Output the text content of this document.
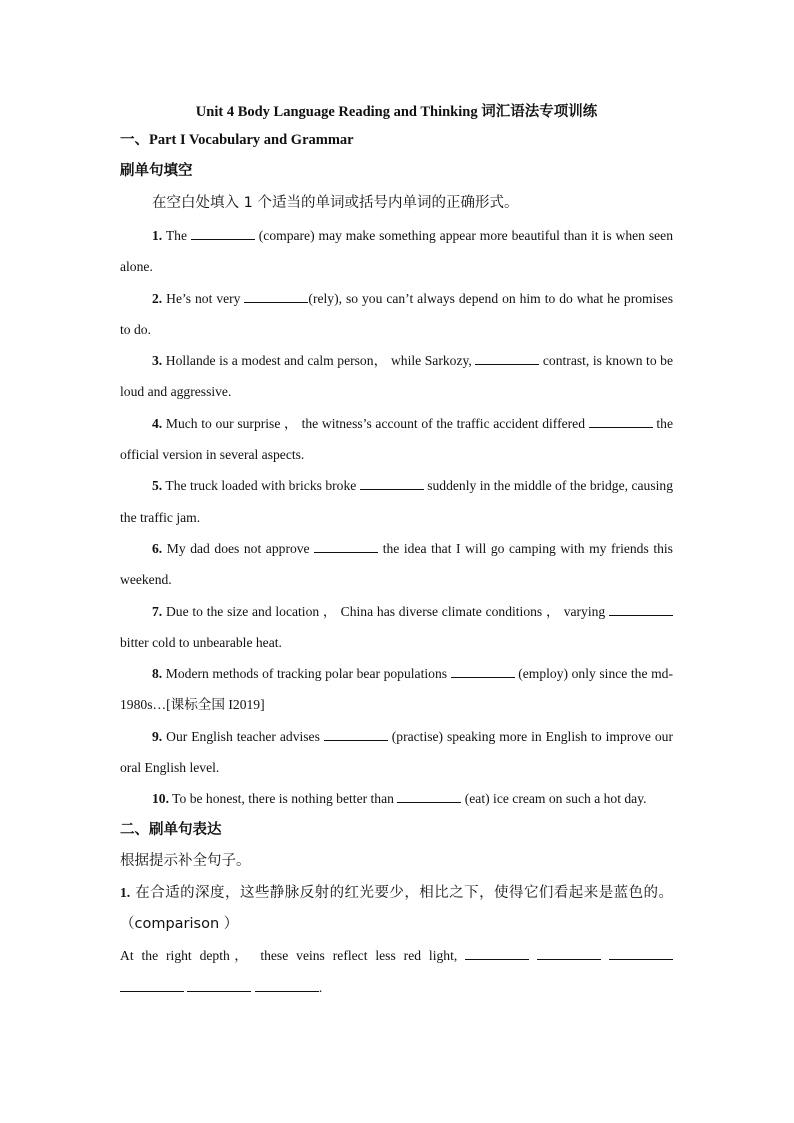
Unit 4 Body Language Reading and Thinking 词汇语法专项训练
一、Part I Vocabulary and Grammar
刷单句填空
在空白处填入 1 个适当的单词或括号内单词的正确形式。

1. The	(compare) may make something appear more beautiful than it is when seen alone.

2. He’s not very	(rely), so you can’t always depend on him to do what he promises to do.

3. Hollande is a modest and calm person， while Sarkozy,	contrast, is known to be loud and aggressive.

4. Much to our surprise ， the witness’s account of the traffic accident differed	the official version in several aspects.

5. The truck loaded with bricks broke	suddenly in the middle of the bridge, causing the traffic jam.

6. My dad does not approve	the idea that I will go camping with my friends this weekend.

7. Due to the size and location ， China has diverse climate conditions ， varying  bitter cold to unbearable heat.

8. Modern methods of tracking polar bear populations	(employ) only since the md-1980s…[课标全国 I2019]

9. Our English teacher advises	(practise) speaking more in English to improve our oral English level.

10. To be honest, there is nothing better than	(eat) ice cream on such a hot day.

二、刷单句表达
根据提示补全句子。

1. 在合适的深度，这些静脉反射的红光要少，相比之下，使得它们看起来是蓝色的。（comparison ）

At the right depth， these veins reflect less red light,      .
